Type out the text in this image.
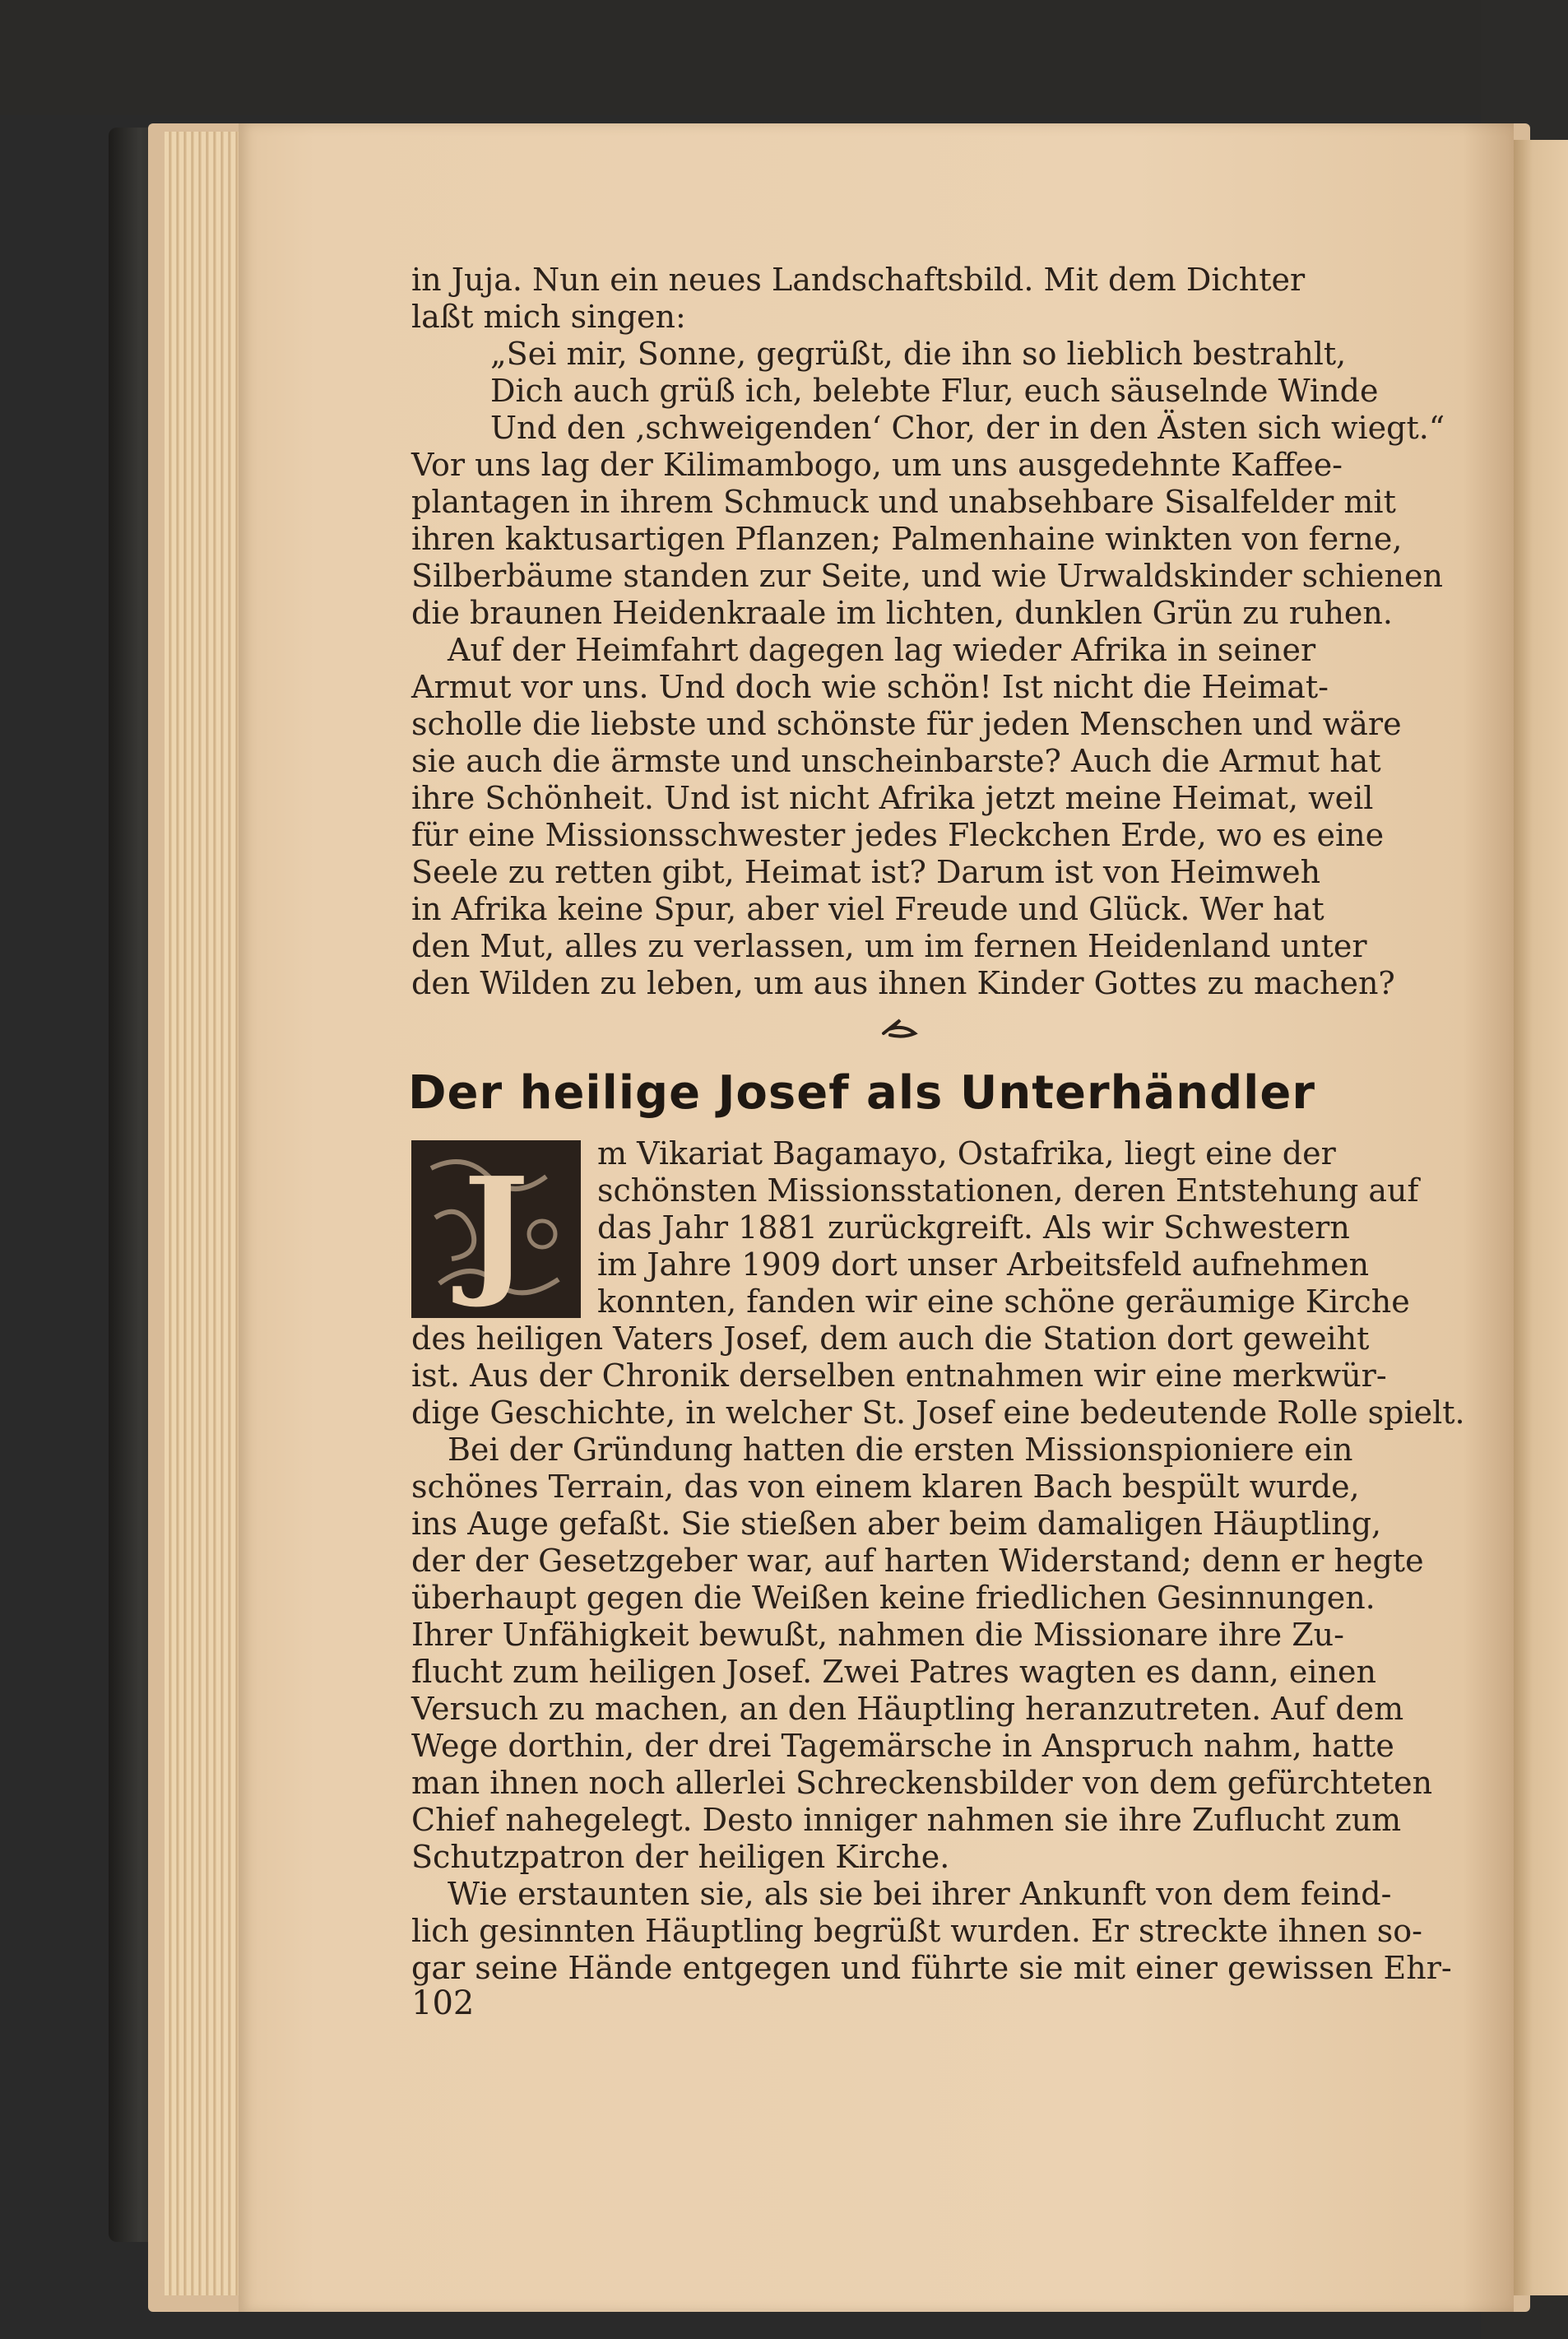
in Juja. Nun ein neues Landschaftsbild. Mit dem Dichter
laßt mich singen:
„Sei mir, Sonne, gegrüßt, die ihn so lieblich bestrahlt,
Dich auch grüß ich, belebte Flur, euch säuselnde Winde
Und den ‚schweigenden‘ Chor, der in den Ästen sich wiegt.“
Vor uns lag der Kilimambogo, um uns ausgedehnte Kaffee-
plantagen in ihrem Schmuck und unabsehbare Sisalfelder mit
ihren kaktusartigen Pflanzen; Palmenhaine winkten von ferne,
Silberbäume standen zur Seite, und wie Urwaldskinder schienen
die braunen Heidenkraale im lichten, dunklen Grün zu ruhen.
Auf der Heimfahrt dagegen lag wieder Afrika in seiner
Armut vor uns. Und doch wie schön! Ist nicht die Heimat-
scholle die liebste und schönste für jeden Menschen und wäre
sie auch die ärmste und unscheinbarste? Auch die Armut hat
ihre Schönheit. Und ist nicht Afrika jetzt meine Heimat, weil
für eine Missionsschwester jedes Fleckchen Erde, wo es eine
Seele zu retten gibt, Heimat ist? Darum ist von Heimweh
in Afrika keine Spur, aber viel Freude und Glück. Wer hat
den Mut, alles zu verlassen, um im fernen Heidenland unter
den Wilden zu leben, um aus ihnen Kinder Gottes zu machen?
Der heilige Josef als Unterhändler
J	m Vikariat Bagamayo, Ostafrika, liegt eine der
schönsten Missionsstationen, deren Entstehung auf
das Jahr 1881 zurückgreift. Als wir Schwestern
im Jahre 1909 dort unser Arbeitsfeld aufnehmen
konnten, fanden wir eine schöne geräumige Kirche
des heiligen Vaters Josef, dem auch die Station dort geweiht
ist. Aus der Chronik derselben entnahmen wir eine merkwür-
dige Geschichte, in welcher St. Josef eine bedeutende Rolle spielt.
Bei der Gründung hatten die ersten Missionspioniere ein
schönes Terrain, das von einem klaren Bach bespült wurde,
ins Auge gefaßt. Sie stießen aber beim damaligen Häuptling,
der der Gesetzgeber war, auf harten Widerstand; denn er hegte
überhaupt gegen die Weißen keine friedlichen Gesinnungen.
Ihrer Unfähigkeit bewußt, nahmen die Missionare ihre Zu-
flucht zum heiligen Josef. Zwei Patres wagten es dann, einen
Versuch zu machen, an den Häuptling heranzutreten. Auf dem
Wege dorthin, der drei Tagemärsche in Anspruch nahm, hatte
man ihnen noch allerlei Schreckensbilder von dem gefürchteten
Chief nahegelegt. Desto inniger nahmen sie ihre Zuflucht zum
Schutzpatron der heiligen Kirche.
Wie erstaunten sie, als sie bei ihrer Ankunft von dem feind-
lich gesinnten Häuptling begrüßt wurden. Er streckte ihnen so-
gar seine Hände entgegen und führte sie mit einer gewissen Ehr-
102
